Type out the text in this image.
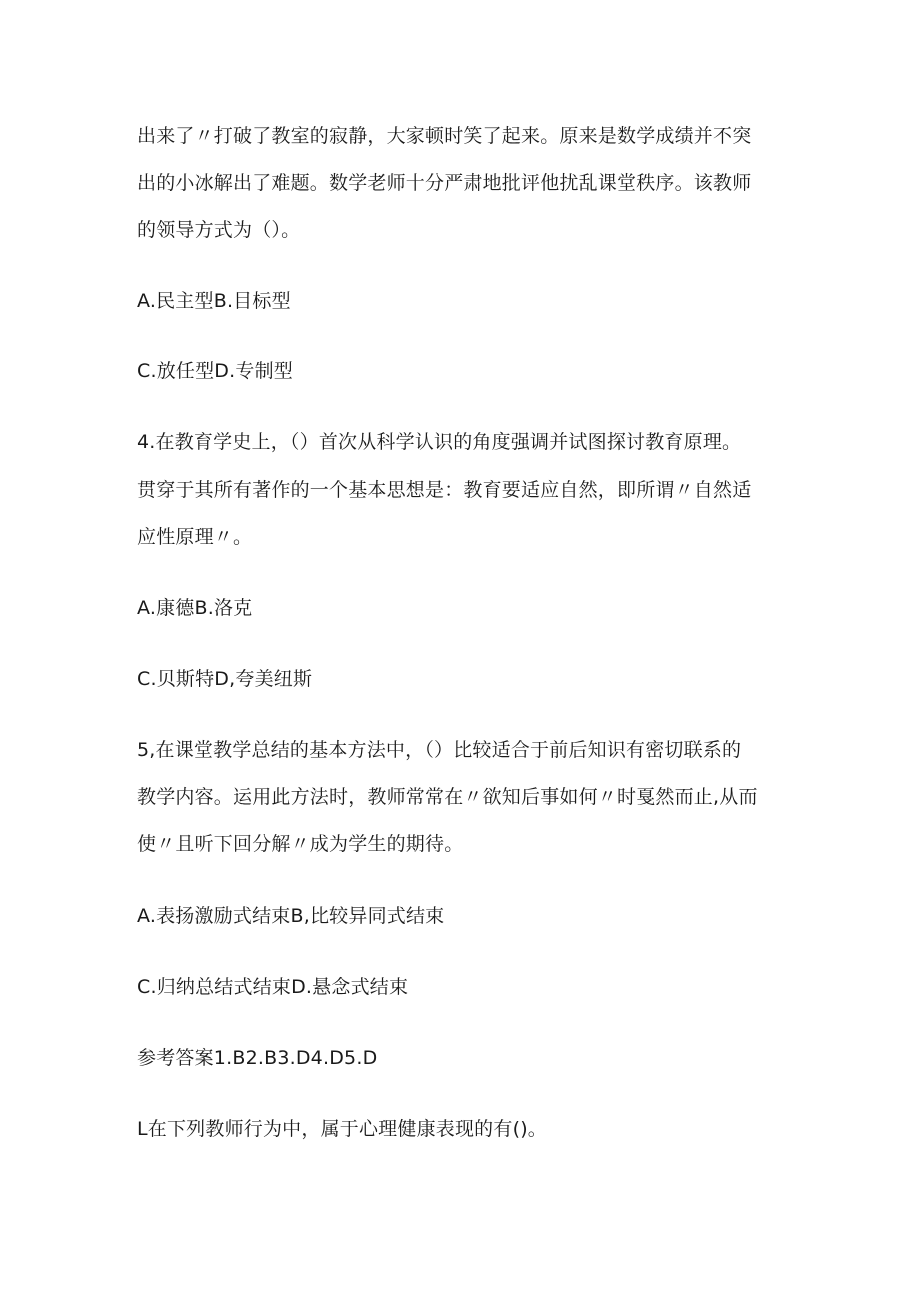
出来了〃打破了教室的寂静，大家顿时笑了起来。原来是数学成绩并不突
出的小冰解出了难题。数学老师十分严肃地批评他扰乱课堂秩序。该教师
的领导方式为（）。
A.民主型B.目标型
C.放任型D.专制型
4.在教育学史上，（）首次从科学认识的角度强调并试图探讨教育原理。
贯穿于其所有著作的一个基本思想是：教育要适应自然，即所谓〃自然适
应性原理〃。
A.康德B.洛克
C.贝斯特D,夸美纽斯
5,在课堂教学总结的基本方法中，（）比较适合于前后知识有密切联系的
教学内容。运用此方法时，教师常常在〃欲知后事如何〃时戛然而止,从而
使〃且听下回分解〃成为学生的期待。
A.表扬激励式结束B,比较异同式结束
C.归纳总结式结束D.悬念式结束
参考答案1.B2.B3.D4.D5.D
L在下列教师行为中，属于心理健康表现的有()。
